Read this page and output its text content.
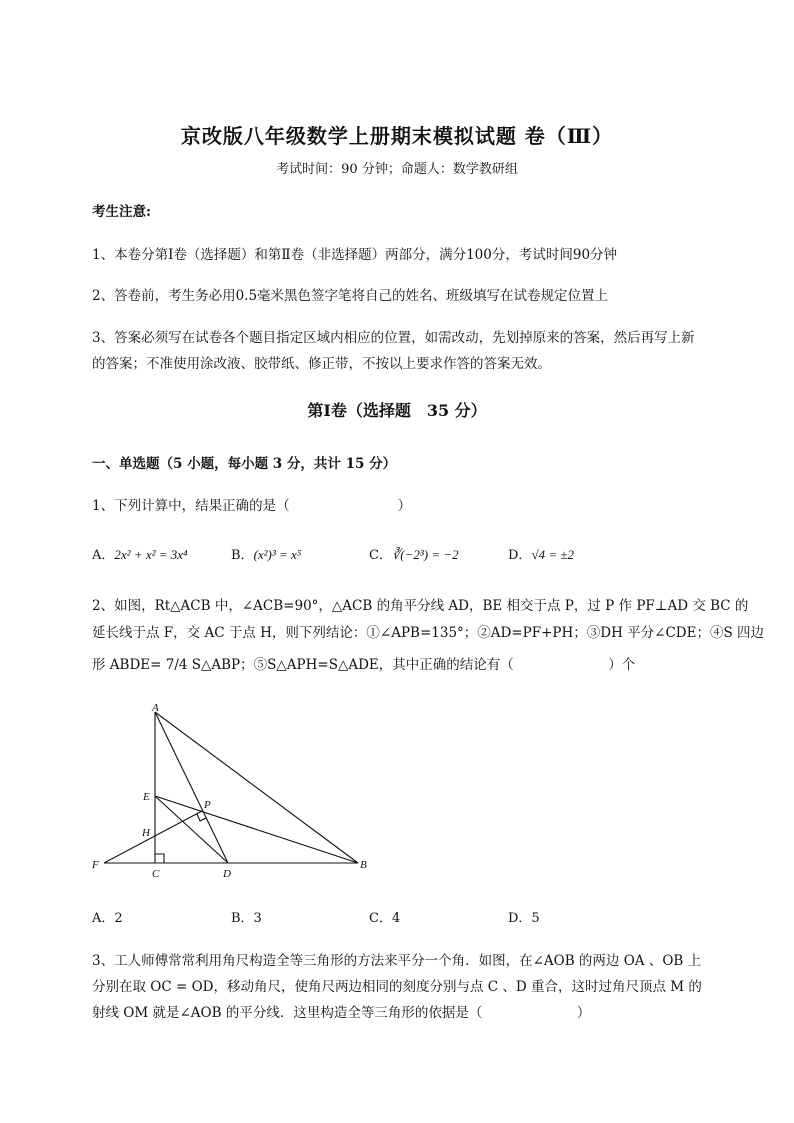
京改版八年级数学上册期末模拟试题 卷（Ⅲ）
考试时间：90 分钟；命题人：数学教研组
考生注意:
1、本卷分第Ⅰ卷（选择题）和第Ⅱ卷（非选择题）两部分，满分100分，考试时间90分钟
2、答卷前，考生务必用0.5毫米黑色签字笔将自己的姓名、班级填写在试卷规定位置上
3、答案必须写在试卷各个题目指定区域内相应的位置，如需改动，先划掉原来的答案，然后再写上新
的答案；不准使用涂改液、胶带纸、修正带，不按以上要求作答的答案无效。
第Ⅰ卷（选择题　35 分）
一、单选题（5 小题，每小题 3 分，共计 15 分）
1、下列计算中，结果正确的是（　　　　　　　　）
A．2x² + x² = 3x⁴	B．(x²)³ = x⁵	C．∛(−2³) = −2	D．√4 = ±2
2、如图，Rt△ACB 中，∠ACB=90°，△ACB 的角平分线 AD，BE 相交于点 P，过 P 作 PF⊥AD 交 BC 的
延长线于点 F，交 AC 于点 H，则下列结论：①∠APB=135°；②AD=PF+PH；③DH 平分∠CDE；④S 四边
形 ABDE= 7/4 S△ABP；⑤S△APH=S△ADE，其中正确的结论有（　　　　　　　）个
A
E
P
H
F
C	D
B
A．2	B．3	C．4	D．5
3、工人师傅常常利用角尺构造全等三角形的方法来平分一个角．如图，在∠AOB 的两边 OA 、OB 上
分别在取 OC = OD，移动角尺，使角尺两边相同的刻度分别与点 C 、D 重合，这时过角尺顶点 M 的
射线 OM 就是∠AOB 的平分线．这里构造全等三角形的依据是（　　　　　　　）
